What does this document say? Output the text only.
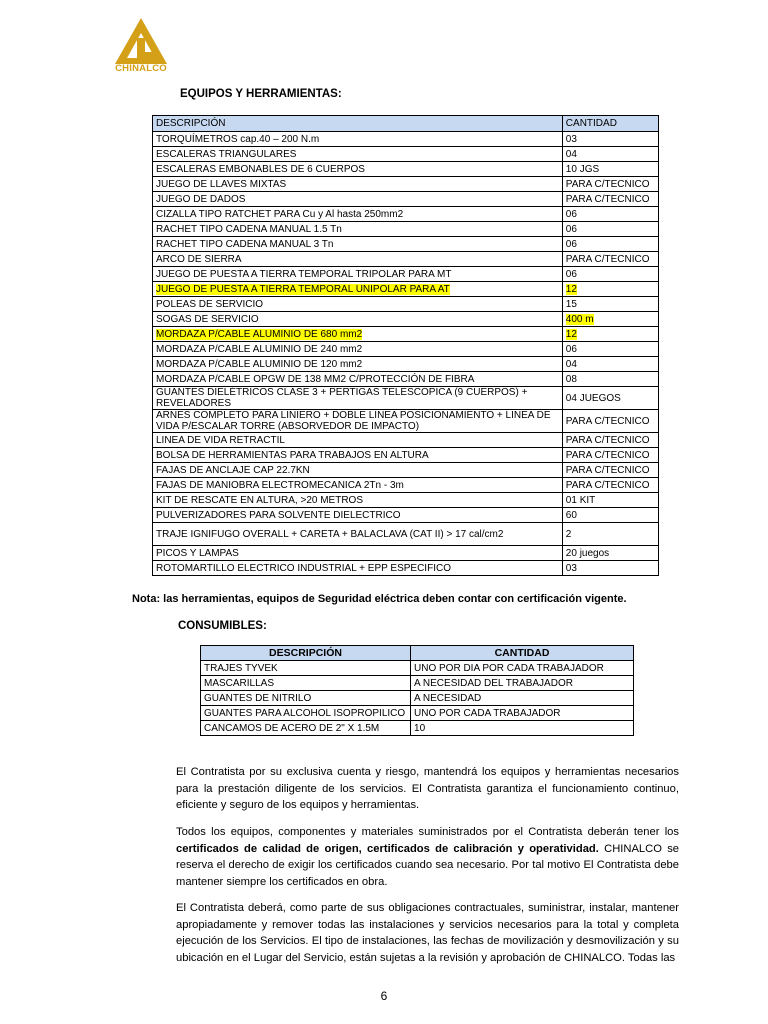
CHINALCO
EQUIPOS Y HERRAMIENTAS:
DESCRIPCIÓN	CANTIDAD
TORQUÍMETROS cap.40 – 200 N.m	03
ESCALERAS TRIANGULARES	04
ESCALERAS EMBONABLES DE 6 CUERPOS	10 JGS
JUEGO DE LLAVES MIXTAS	PARA C/TECNICO
JUEGO DE DADOS	PARA C/TECNICO
CIZALLA TIPO RATCHET PARA Cu y Al hasta 250mm2	06
RACHET TIPO CADENA MANUAL 1.5 Tn	06
RACHET TIPO CADENA MANUAL 3 Tn	06
ARCO DE SIERRA	PARA C/TECNICO
JUEGO DE PUESTA A TIERRA TEMPORAL TRIPOLAR PARA MT	06
JUEGO DE PUESTA A TIERRA TEMPORAL UNIPOLAR PARA AT	12
POLEAS DE SERVICIO	15
SOGAS DE SERVICIO	400 m
MORDAZA P/CABLE ALUMINIO DE 680 mm2	12
MORDAZA P/CABLE ALUMINIO DE 240 mm2	06
MORDAZA P/CABLE ALUMINIO DE 120 mm2	04
MORDAZA P/CABLE OPGW DE 138 MM2 C/PROTECCIÓN DE FIBRA	08
GUANTES DIELÉTRICOS CLASE 3 + PERTIGAS TELESCOPICA (9 CUERPOS) + REVELADORES	04 JUEGOS
ARNES COMPLETO PARA LINIERO + DOBLE LINEA POSICIONAMIENTO + LINEA DE VIDA P/ESCALAR TORRE (ABSORVEDOR DE IMPACTO)	PARA C/TECNICO
LINEA DE VIDA RETRACTIL	PARA C/TECNICO
BOLSA DE HERRAMIENTAS PARA TRABAJOS EN ALTURA	PARA C/TECNICO
FAJAS DE ANCLAJE CAP 22.7KN	PARA C/TECNICO
FAJAS DE MANIOBRA ELECTROMECANICA 2Tn - 3m	PARA C/TECNICO
KIT DE RESCATE EN ALTURA, >20 METROS	01 KIT
PULVERIZADORES PARA SOLVENTE DIELECTRICO	60
TRAJE IGNIFUGO OVERALL + CARETA + BALACLAVA (CAT II) > 17 cal/cm2	2
PICOS Y LAMPAS	20 juegos
ROTOMARTILLO ELECTRICO INDUSTRIAL + EPP ESPECIFICO	03
Nota: las herramientas, equipos de Seguridad eléctrica deben contar con certificación vigente.
CONSUMIBLES:
DESCRIPCIÓN	CANTIDAD
TRAJES TYVEK	UNO POR DIA POR CADA TRABAJADOR
MASCARILLAS	A NECESIDAD DEL TRABAJADOR
GUANTES DE NITRILO	A NECESIDAD
GUANTES PARA ALCOHOL ISOPROPILICO	UNO POR CADA TRABAJADOR
CANCAMOS DE ACERO DE 2" X 1.5M	10
El Contratista por su exclusiva cuenta y riesgo, mantendrá los equipos y herramientas necesarios para la prestación diligente de los servicios. El Contratista garantiza el funcionamiento continuo, eficiente y seguro de los equipos y herramientas.
Todos los equipos, componentes y materiales suministrados por el Contratista deberán tener los certificados de calidad de origen, certificados de calibración y operatividad. CHINALCO se reserva el derecho de exigir los certificados cuando sea necesario. Por tal motivo El Contratista debe mantener siempre los certificados en obra.
El Contratista deberá, como parte de sus obligaciones contractuales, suministrar, instalar, mantener apropiadamente y remover todas las instalaciones y servicios necesarios para la total y completa ejecución de los Servicios. El tipo de instalaciones, las fechas de movilización y desmovilización y su ubicación en el Lugar del Servicio, están sujetas a la revisión y aprobación de CHINALCO. Todas las
6
